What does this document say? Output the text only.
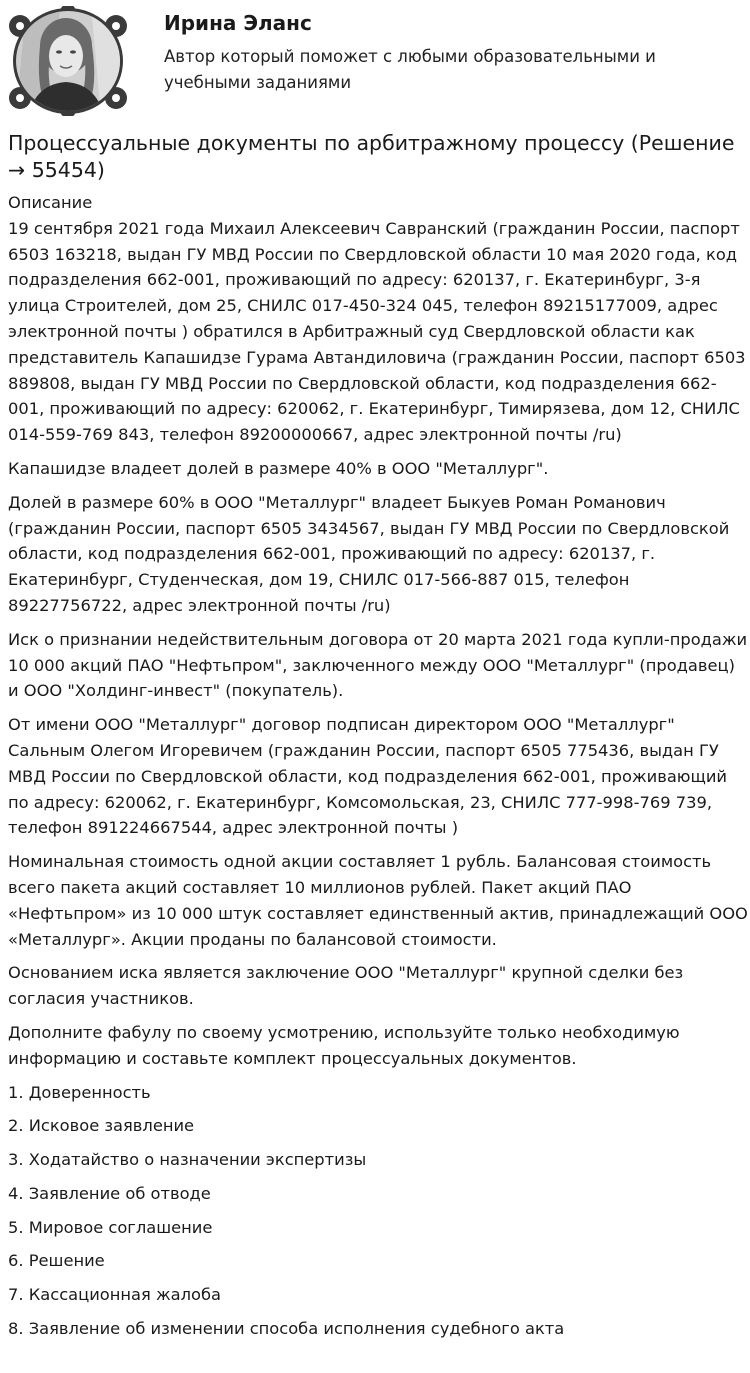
Ирина Эланс
Автор который поможет с любыми образовательными и учебными заданиями
Процессуальные документы по арбитражному процессу (Решение → 55454)

Описание

19 сентября 2021 года Михаил Алексеевич Савранский (гражданин России, паспорт 6503 163218, выдан ГУ МВД России по Свердловской области 10 мая 2020 года, код подразделения 662-001, проживающий по адресу: 620137, г. Екатеринбург, 3-я улица Строителей, дом 25, СНИЛС 017-450-324 045, телефон 89215177009, адрес электронной почты ) обратился в Арбитражный суд Свердловской области как представитель Капашидзе Гурама Автандиловича (гражданин России, паспорт 6503 889808, выдан ГУ МВД России по Свердловской области, код подразделения 662-001, проживающий по адресу: 620062, г. Екатеринбург, Тимирязева, дом 12, СНИЛС 014-559-769 843, телефон 89200000667, адрес электронной почты /ru)

Капашидзе владеет долей в размере 40% в ООО "Металлург".

Долей в размере 60% в ООО "Металлург" владеет Быкуев Роман Романович (гражданин России, паспорт 6505 3434567, выдан ГУ МВД России по Свердловской области, код подразделения 662-001, проживающий по адресу: 620137, г. Екатеринбург, Студенческая, дом 19, СНИЛС 017-566-887 015, телефон 89227756722, адрес электронной почты /ru)

Иск о признании недействительным договора от 20 марта 2021 года купли-продажи 10 000 акций ПАО "Нефтьпром", заключенного между ООО "Металлург" (продавец) и ООО "Холдинг-инвест" (покупатель).

От имени ООО "Металлург" договор подписан директором ООО "Металлург" Сальным Олегом Игоревичем (гражданин России, паспорт 6505 775436, выдан ГУ МВД России по Свердловской области, код подразделения 662-001, проживающий по адресу: 620062, г. Екатеринбург, Комсомольская, 23, СНИЛС 777-998-769 739, телефон 891224667544, адрес электронной почты )

Номинальная стоимость одной акции составляет 1 рубль. Балансовая стоимость всего пакета акций составляет 10 миллионов рублей. Пакет акций ПАО «Нефтьпром» из 10 000 штук составляет единственный актив, принадлежащий ООО «Металлург». Акции проданы по балансовой стоимости.

Основанием иска является заключение ООО "Металлург" крупной сделки без согласия участников.

Дополните фабулу по своему усмотрению, используйте только необходимую информацию и составьте комплект процессуальных документов.

1. Доверенность
2. Исковое заявление
3. Ходатайство о назначении экспертизы
4. Заявление об отводе
5. Мировое соглашение
6. Решение
7. Кассационная жалоба
8. Заявление об изменении способа исполнения судебного акта
